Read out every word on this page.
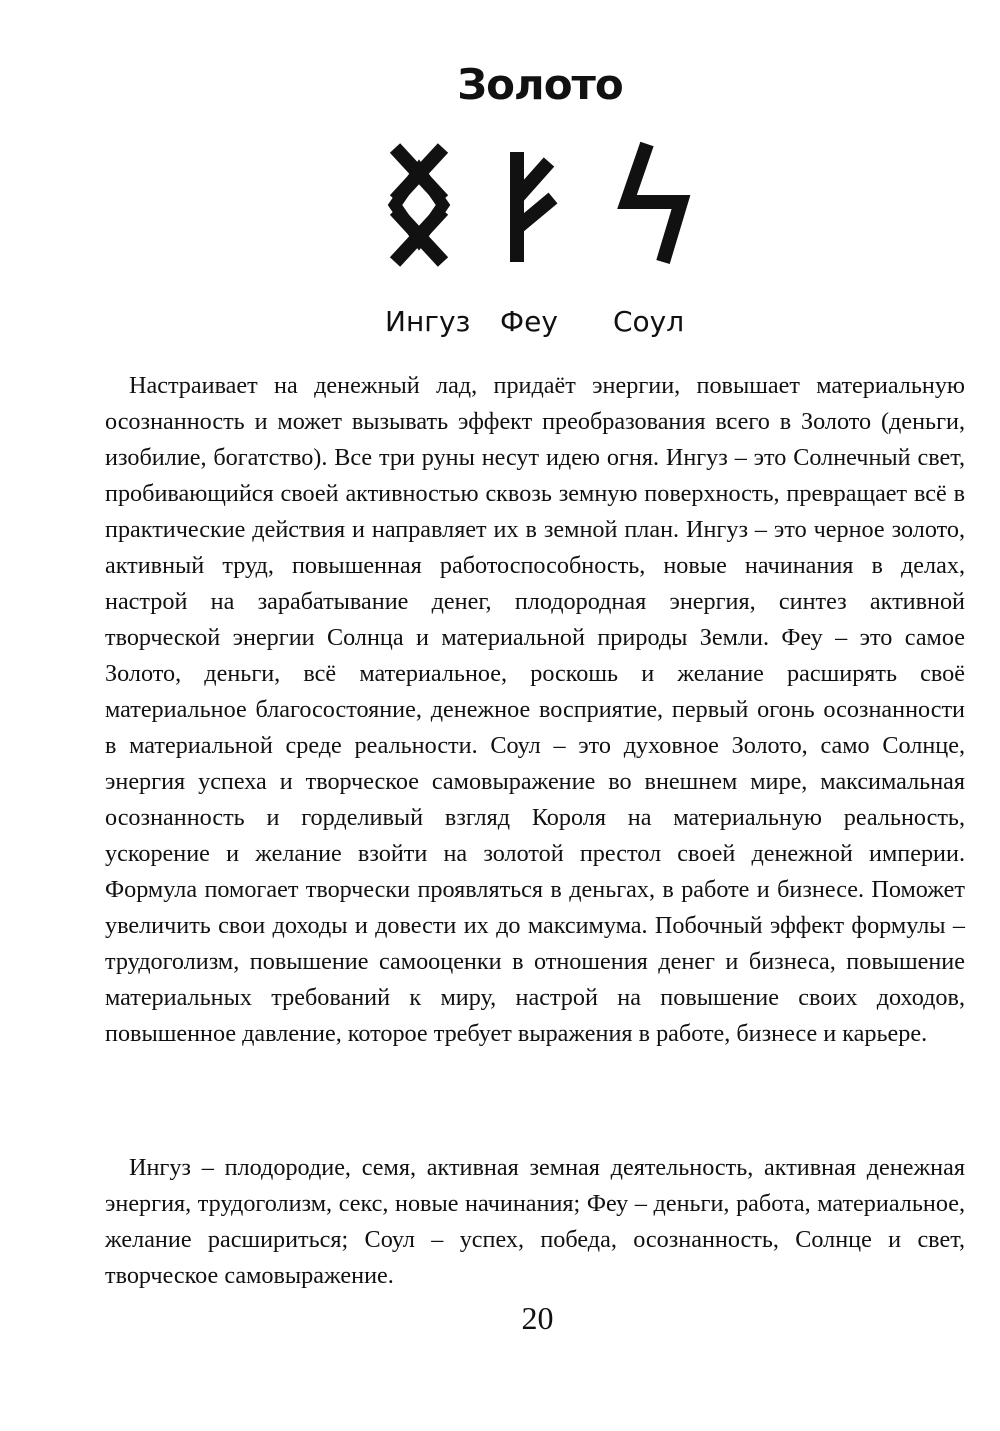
Золото
Ингуз Феу Соул

Настраивает на денежный лад, придаёт энергии, повышает материальную осознанность и может вызывать эффект преобразования всего в Золото (деньги, изобилие, богатство). Все три руны несут идею огня. Ингуз – это Солнечный свет, пробивающийся своей активностью сквозь земную поверхность, превращает всё в практические действия и направляет их в земной план. Ингуз – это черное золото, активный труд, повышенная работоспособность, новые начинания в делах, настрой на зарабатывание денег, плодородная энергия, синтез активной творческой энергии Солнца и материальной природы Земли. Феу – это самое Золото, деньги, всё материальное, роскошь и желание расширять своё материальное благосостояние, денежное восприятие, первый огонь осознанности в материальной среде реальности. Соул – это духовное Золото, само Солнце, энергия успеха и творческое самовыражение во внешнем мире, максимальная осознанность и горделивый взгляд Короля на материальную реальность, ускорение и желание взойти на золотой престол своей денежной империи. Формула помогает творчески проявляться в деньгах, в работе и бизнесе. Поможет увеличить свои доходы и довести их до максимума. Побочный эффект формулы – трудоголизм, повышение самооценки в отношения денег и бизнеса, повышение материальных требований к миру, настрой на повышение своих доходов, повышенное давление, которое требует выражения в работе, бизнесе и карьере.

Ингуз – плодородие, семя, активная земная деятельность, активная денежная энергия, трудоголизм, секс, новые начинания; Феу – деньги, работа, материальное, желание расшириться; Соул – успех, победа, осознанность, Солнце и свет, творческое самовыражение.

20
